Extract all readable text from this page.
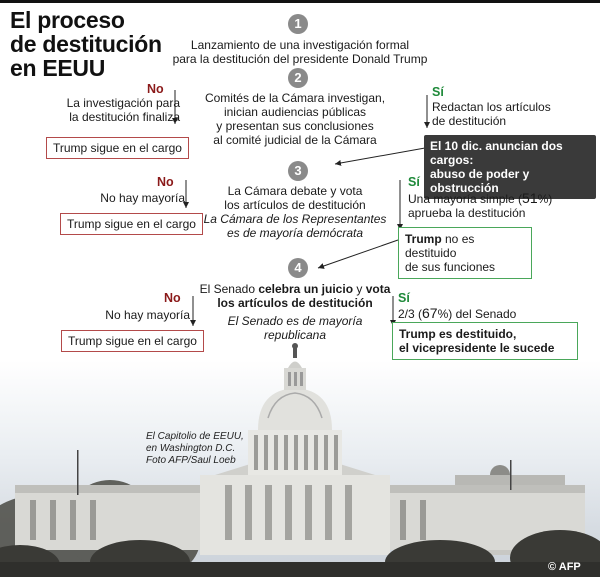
El proceso
de destitución
en EEUU
1
Lanzamiento de una investigación formal
para la destitución del presidente Donald Trump
2
Comités de la Cámara investigan,
inician audiencias públicas
y presentan sus conclusiones
al comité judicial de la Cámara
No
La investigación para
la destitución finaliza
Trump sigue en el cargo
Sí
Redactan los artículos
de destitución
El 10 dic. anuncian dos cargos:
abuso de poder y obstrucción
3
La Cámara debate y vota
los artículos de destitución
La Cámara de los Representantes
es de mayoría demócrata
No
No hay mayoría
Trump sigue en el cargo
Sí
Una mayoría simple (51%)
aprueba la destitución
Trump no es destituido
de sus funciones
4
El Senado celebra un juicio y vota
los artículos de destitución
El Senado es de mayoría
republicana
No
No hay mayoría
Trump sigue en el cargo
Sí
2/3 (67%) del Senado
Trump es destituido,
el vicepresidente le sucede
El Capitolio de EEUU,
en Washington D.C.
Foto AFP/Saul Loeb
© AFP
